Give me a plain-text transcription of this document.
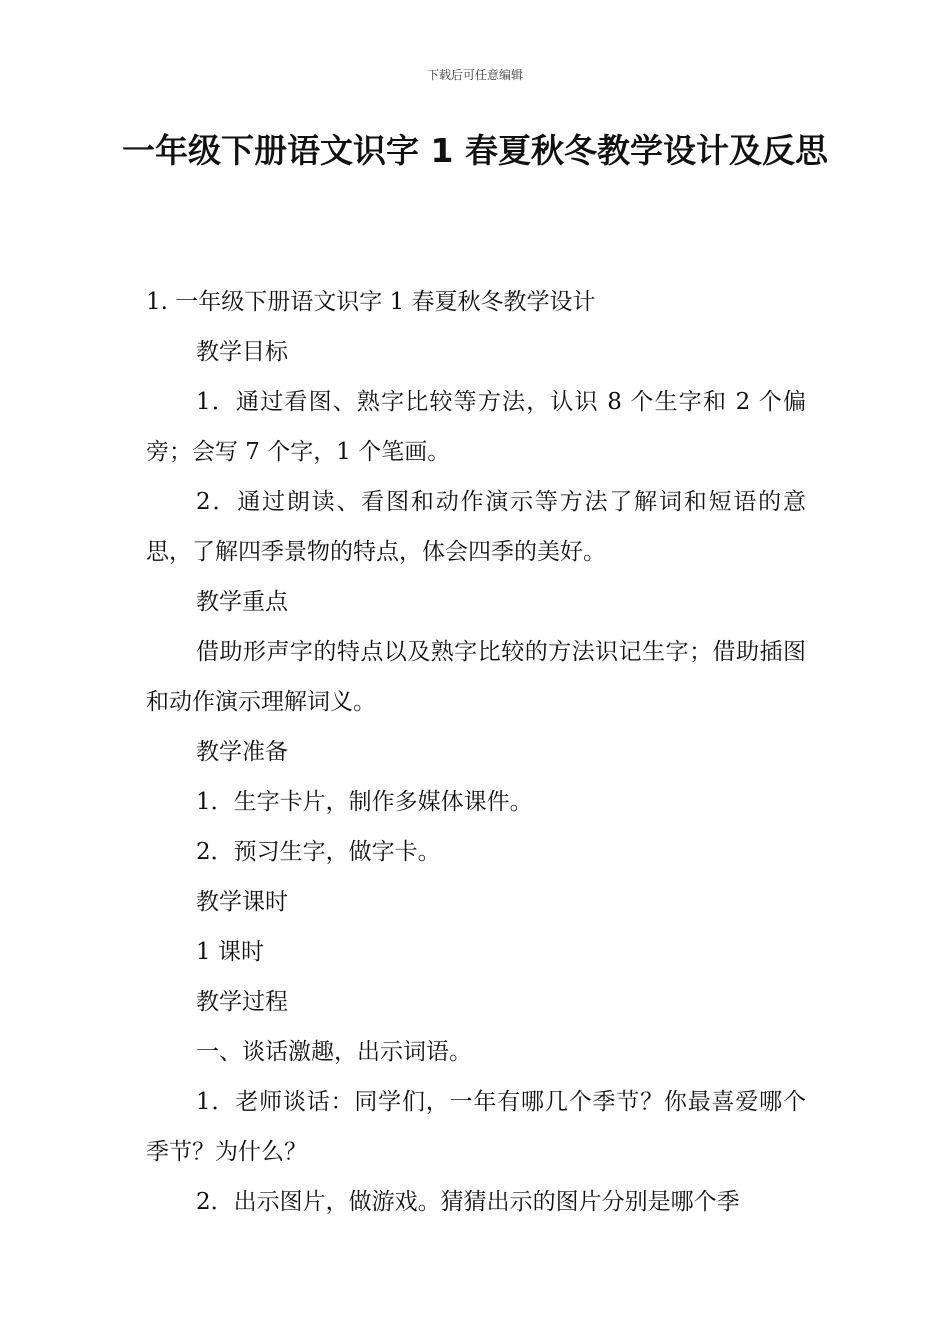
下载后可任意编辑
一年级下册语文识字 1 春夏秋冬教学设计及反思

1. 一年级下册语文识字 1 春夏秋冬教学设计

教学目标

1．通过看图、熟字比较等方法，认识 8 个生字和 2 个偏旁；会写 7 个字，1 个笔画。

2．通过朗读、看图和动作演示等方法了解词和短语的意思，了解四季景物的特点，体会四季的美好。

教学重点

借助形声字的特点以及熟字比较的方法识记生字；借助插图和动作演示理解词义。

教学准备

1．生字卡片，制作多媒体课件。

2．预习生字，做字卡。

教学课时

1 课时

教学过程

一、谈话激趣，出示词语。

1．老师谈话：同学们，一年有哪几个季节？你最喜爱哪个季节？为什么？

2．出示图片，做游戏。猜猜出示的图片分别是哪个季
